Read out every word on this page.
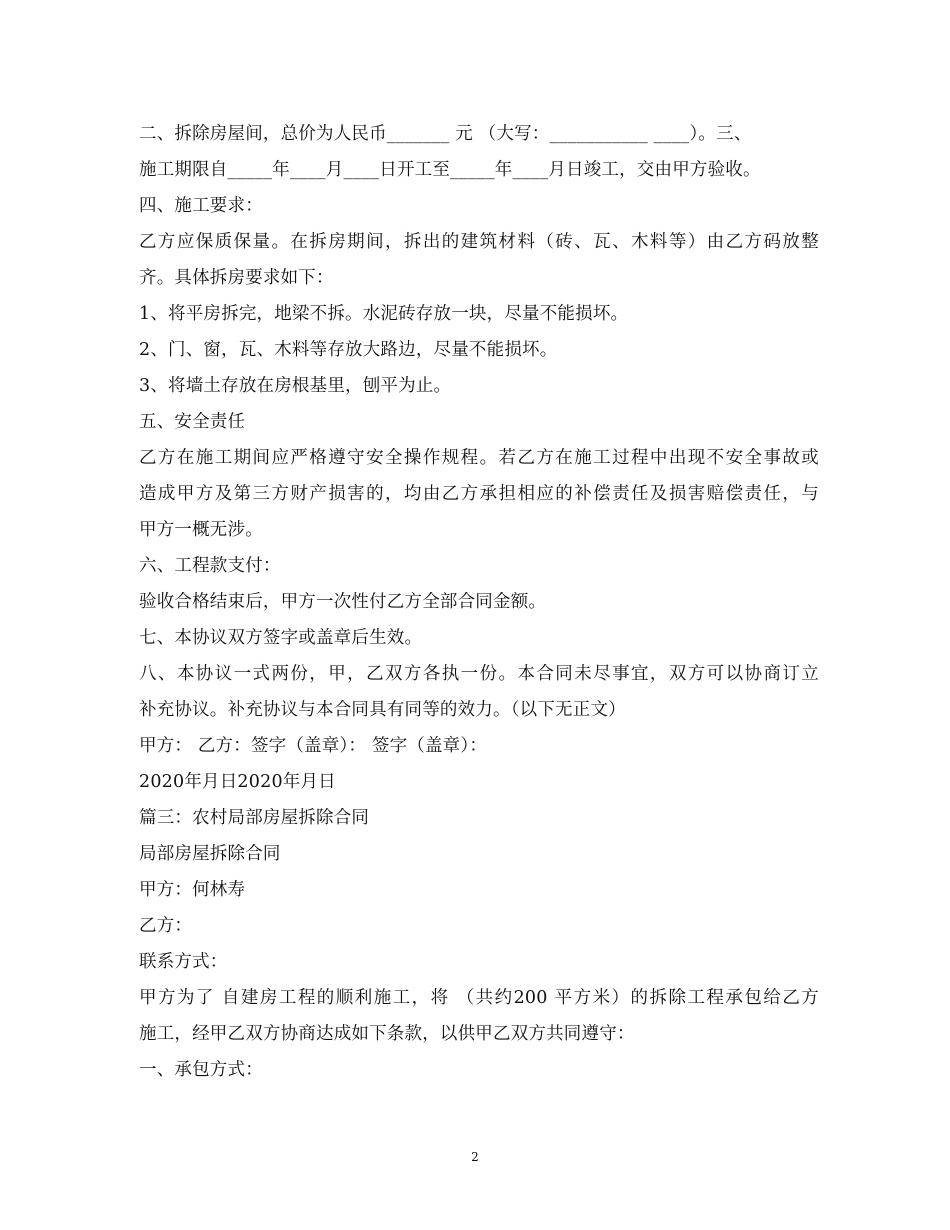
二、拆除房屋间，总价为人民币_______ 元 （大写：___________ ____）。三、
施工期限自_____年____月____日开工至_____年____月日竣工，交由甲方验收。
四、施工要求：
乙方应保质保量。在拆房期间，拆出的建筑材料（砖、瓦、木料等）由乙方码放整
齐。具体拆房要求如下：
1、将平房拆完，地梁不拆。水泥砖存放一块，尽量不能损坏。
2、门、窗，瓦、木料等存放大路边，尽量不能损坏。
3、将墙土存放在房根基里，刨平为止。
五、安全责任
乙方在施工期间应严格遵守安全操作规程。若乙方在施工过程中出现不安全事故或
造成甲方及第三方财产损害的，均由乙方承担相应的补偿责任及损害赔偿责任，与
甲方一概无涉。
六、工程款支付：
验收合格结束后，甲方一次性付乙方全部合同金额。
七、本协议双方签字或盖章后生效。
八、本协议一式两份，甲，乙双方各执一份。本合同未尽事宜，双方可以协商订立
补充协议。补充协议与本合同具有同等的效力。（以下无正文）
甲方： 乙方：签字（盖章）： 签字（盖章）：
2020年月日2020年月日
篇三：农村局部房屋拆除合同
局部房屋拆除合同
甲方：何林寿
乙方：
联系方式：
甲方为了 自建房工程的顺利施工，将 （共约200 平方米）的拆除工程承包给乙方
施工，经甲乙双方协商达成如下条款，以供甲乙双方共同遵守：
一、承包方式：
2
